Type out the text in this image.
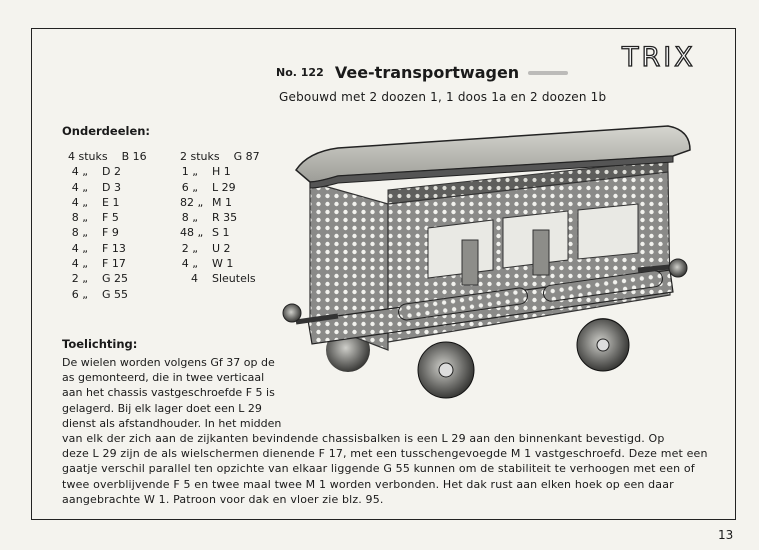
TRIX
No. 122 Vee-transportwagen
Gebouwd met 2 doozen 1, 1 doos 1a en 2 doozen 1b
Onderdeelen:
4 stuks B 16
4 „ D 2
4 „ D 3
4 „ E 1
8 „ F 5
8 „ F 9
4 „ F 13
4 „ F 17
2 „ G 25
6 „ G 55
2 stuks G 87
1 „ H 1
6 „ L 29
82 „ M 1
8 „ R 35
48 „ S 1
2 „ U 2
4 „ W 1
4 Sleutels
Toelichting:
De wielen worden volgens Gf 37 op de
as gemonteerd, die in twee verticaal
aan het chassis vastgeschroefde F 5 is
gelagerd. Bij elk lager doet een L 29
dienst als afstandhouder. In het midden
van elk der zich aan de zijkanten bevindende chassisbalken is een L 29 aan den binnenkant bevestigd. Op
deze L 29 zijn de als wielschermen dienende F 17, met een tusschengevoegde M 1 vastgeschroefd. Deze met een
gaatje verschil parallel ten opzichte van elkaar liggende G 55 kunnen om de stabiliteit te verhoogen met een of
twee overblijvende F 5 en twee maal twee M 1 worden verbonden. Het dak rust aan elken hoek op een daar
aangebrachte W 1. Patroon voor dak en vloer zie blz. 95.
13
